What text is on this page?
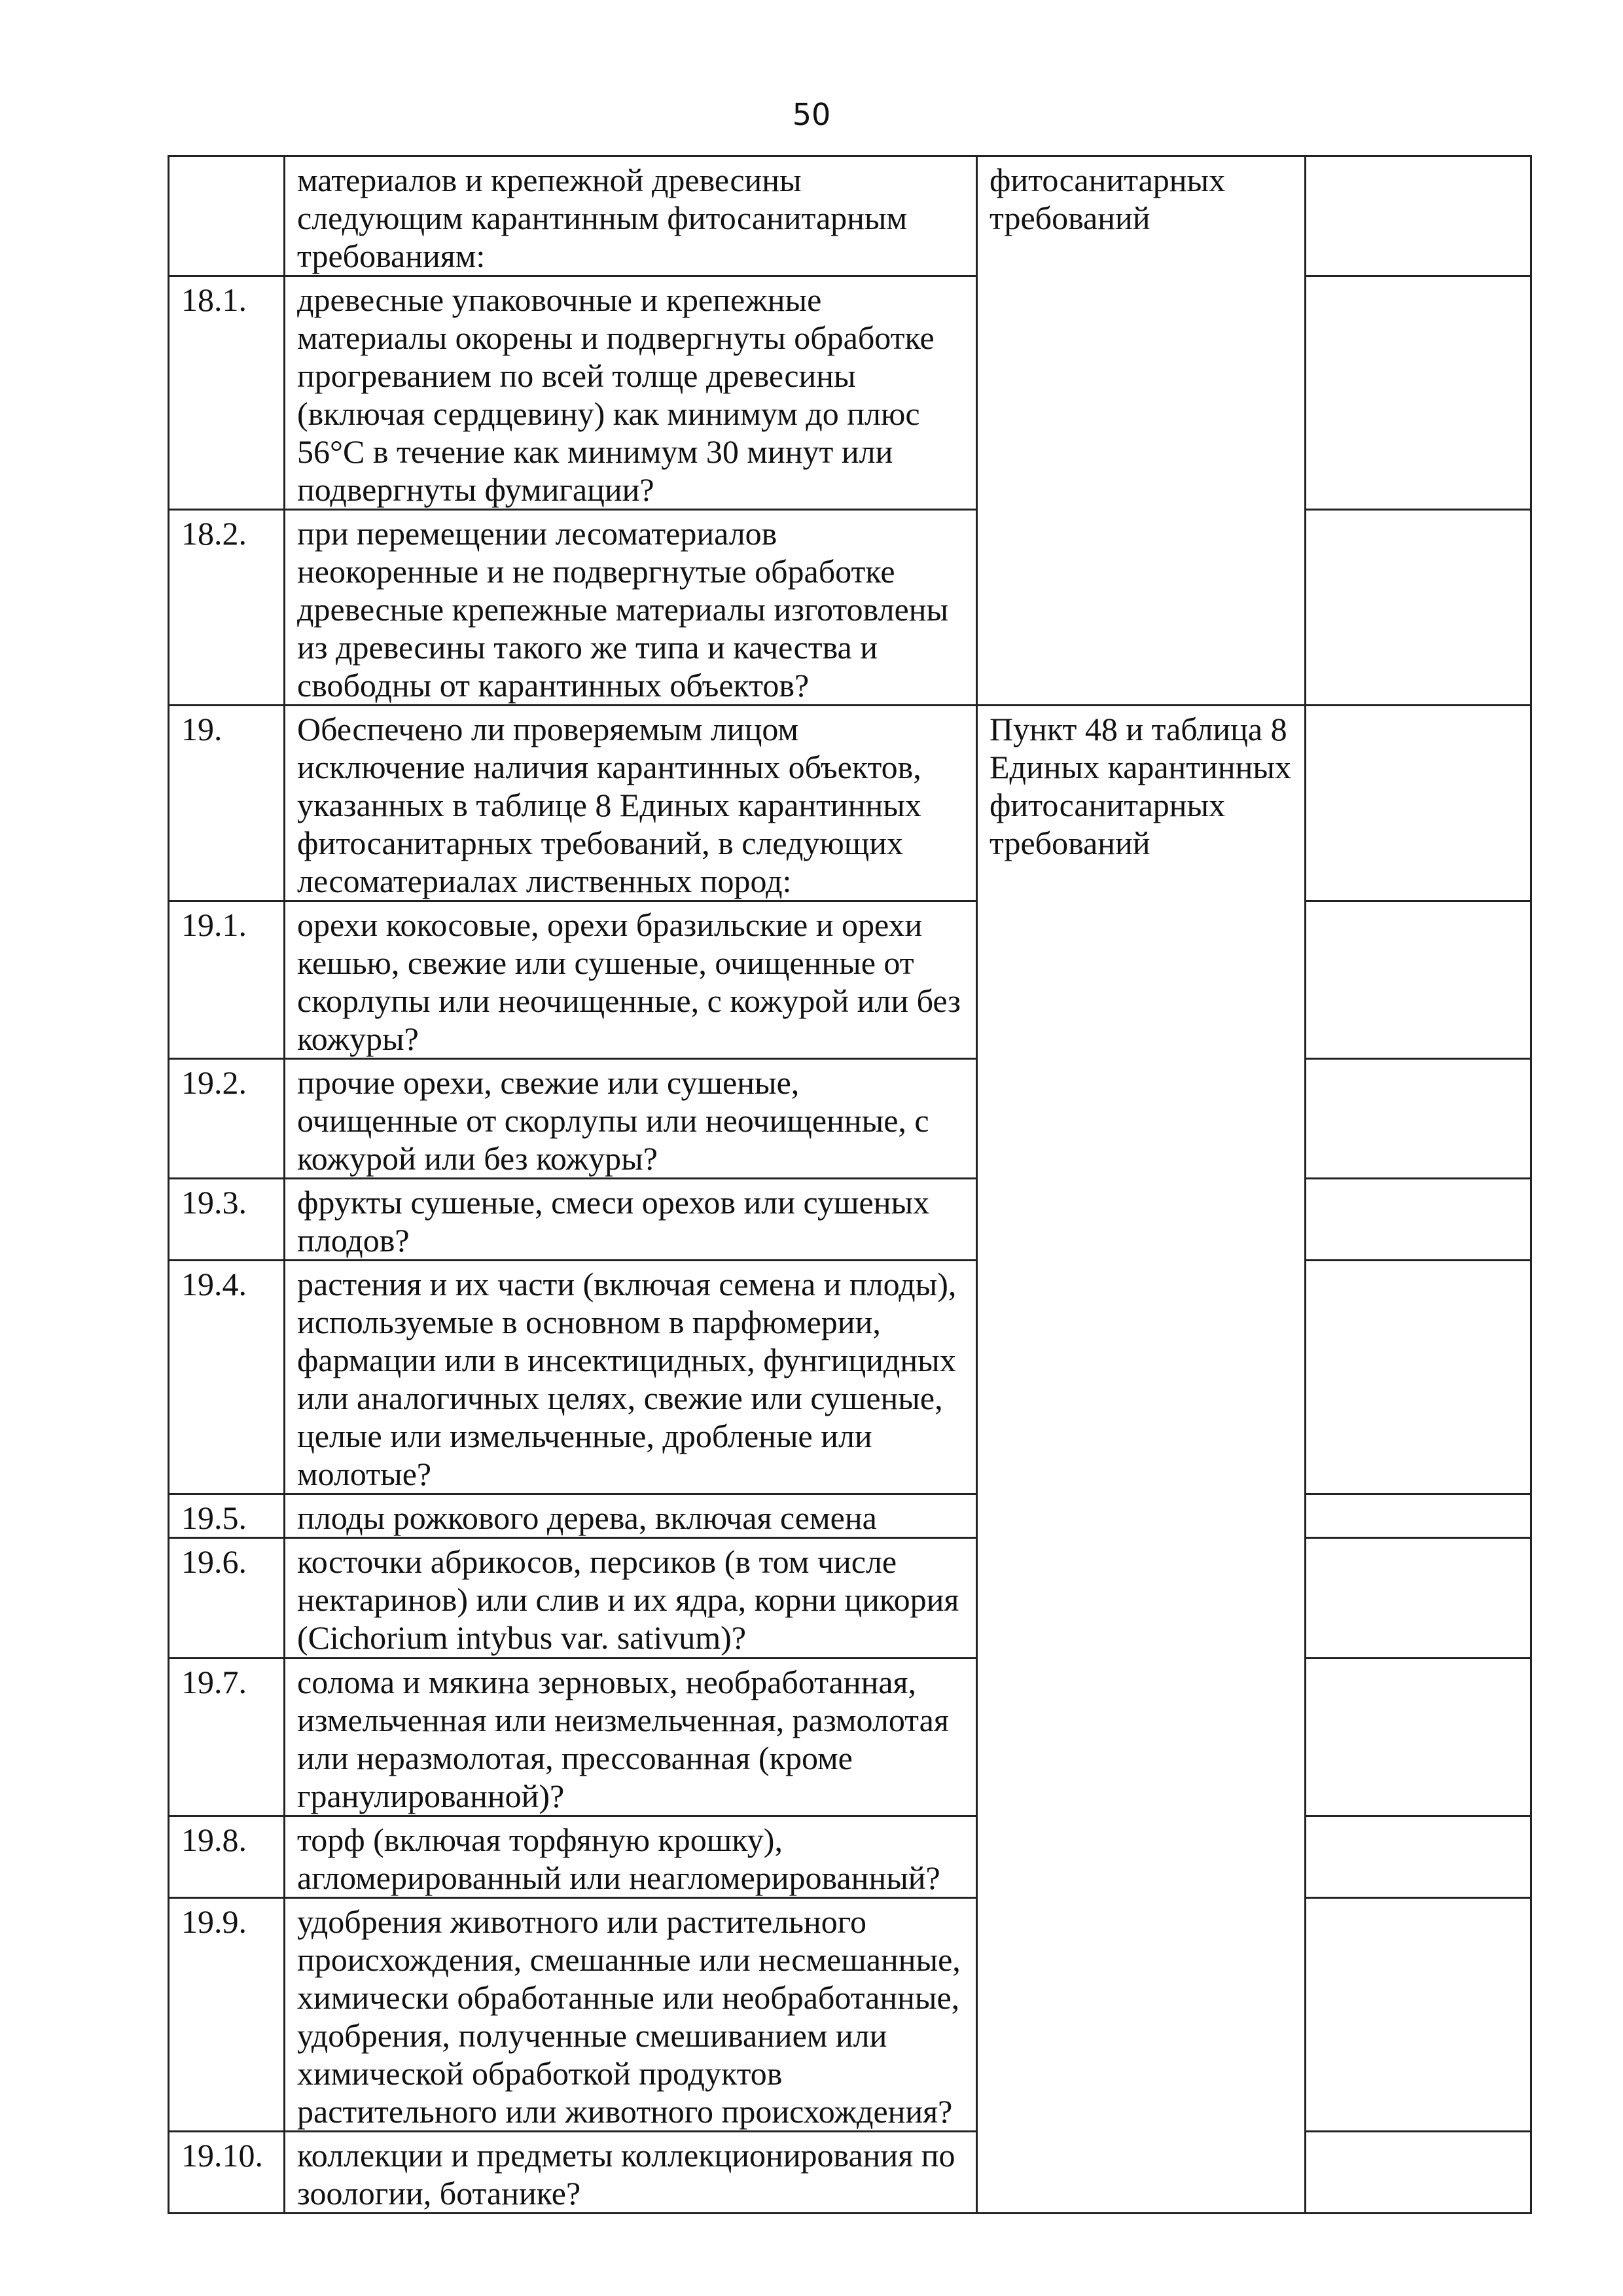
50
	материалов и крепежной древесины следующим карантинным фитосанитарным требованиям:	фитосанитарных требований	
18.1.	древесные упаковочные и крепежные материалы окорены и подвергнуты обработке прогреванием по всей толще древесины (включая сердцевину) как минимум до плюс 56°С в течение как минимум 30 минут или подвергнуты фумигации?		
18.2.	при перемещении лесоматериалов неокоренные и не подвергнутые обработке древесные крепежные материалы изготовлены из древесины такого же типа и качества и свободны от карантинных объектов?		
19.	Обеспечено ли проверяемым лицом исключение наличия карантинных объектов, указанных в таблице 8 Единых карантинных фитосанитарных требований, в следующих лесоматериалах лиственных пород:	Пункт 48 и таблица 8 Единых карантинных фитосанитарных требований	
19.1.	орехи кокосовые, орехи бразильские и орехи кешью, свежие или сушеные, очищенные от скорлупы или неочищенные, с кожурой или без кожуры?		
19.2.	прочие орехи, свежие или сушеные, очищенные от скорлупы или неочищенные, с кожурой или без кожуры?		
19.3.	фрукты сушеные, смеси орехов или сушеных плодов?		
19.4.	растения и их части (включая семена и плоды), используемые в основном в парфюмерии, фармации или в инсектицидных, фунгицидных или аналогичных целях, свежие или сушеные, целые или измельченные, дробленые или молотые?		
19.5.	плоды рожкового дерева, включая семена		
19.6.	косточки абрикосов, персиков (в том числе нектаринов) или слив и их ядра, корни цикория (Cichorium intybus var. sativum)?		
19.7.	солома и мякина зерновых, необработанная, измельченная или неизмельченная, размолотая или неразмолотая, прессованная (кроме гранулированной)?		
19.8.	торф (включая торфяную крошку), агломерированный или неагломерированный?		
19.9.	удобрения животного или растительного происхождения, смешанные или несмешанные, химически обработанные или необработанные, удобрения, полученные смешиванием или химической обработкой продуктов растительного или животного происхождения?		
19.10.	коллекции и предметы коллекционирования по зоологии, ботанике?		
